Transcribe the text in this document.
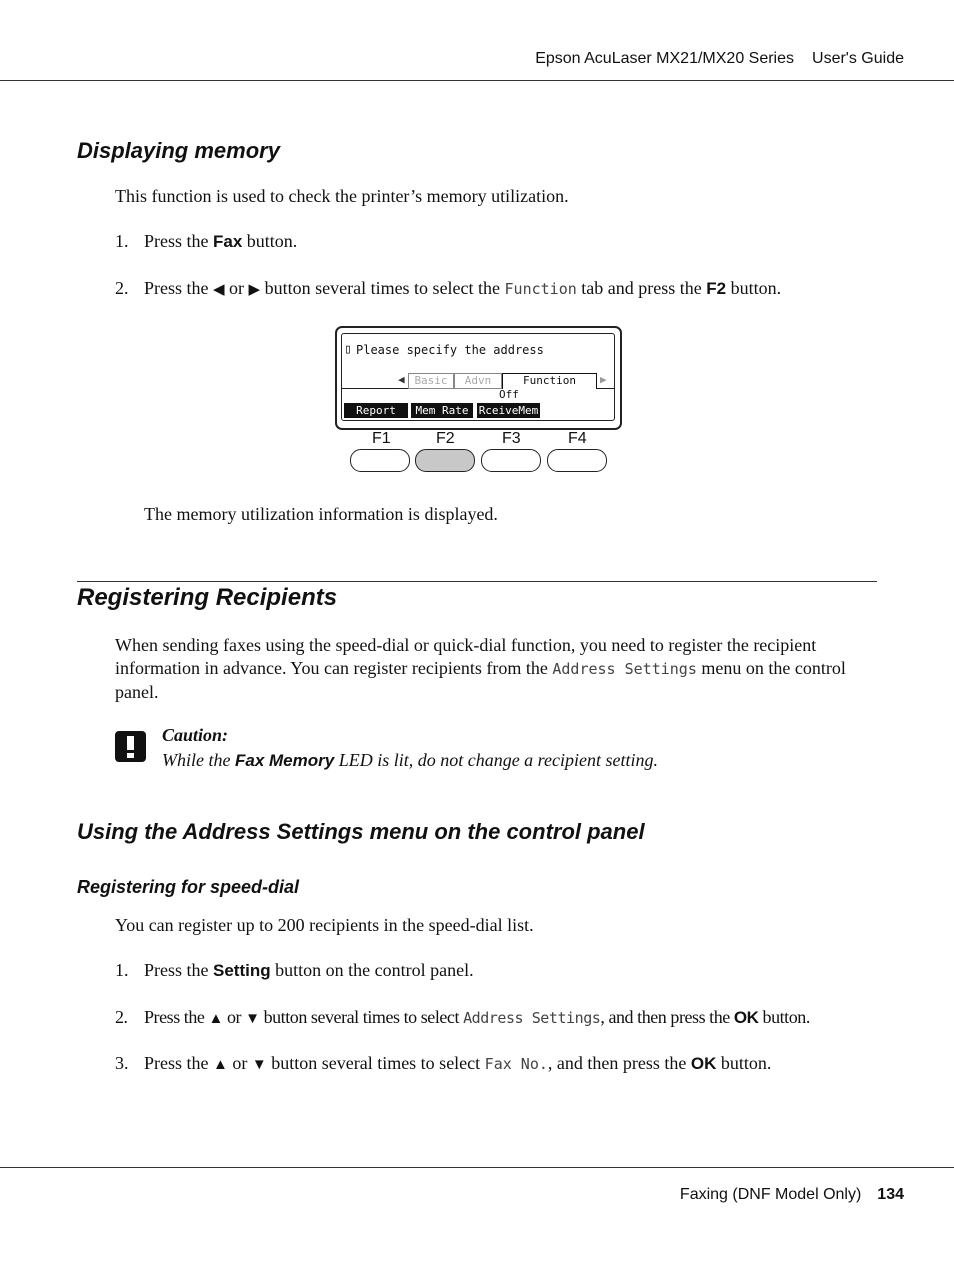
Epson AcuLaser MX21/MX20 Series User's Guide
Displaying memory
This function is used to check the printer’s memory utilization.
1. Press the Fax button.
2. Press the ◀ or ▶ button several times to select the Function tab and press the F2 button.
▯ Please specify the address
◀ Basic	Advn	Function	▶
Off
Report	Mem Rate RceiveMem
F1	F2	F3	F4
The memory utilization information is displayed.
Registering Recipients
When sending faxes using the speed-dial or quick-dial function, you need to register the recipient information in advance. You can register recipients from the Address Settings menu on the control panel.
Caution:
While the Fax Memory LED is lit, do not change a recipient setting.
Using the Address Settings menu on the control panel
Registering for speed-dial
You can register up to 200 recipients in the speed-dial list.
1. Press the Setting button on the control panel.
2. Press the ▲ or ▼ button several times to select Address Settings, and then press the OK button.
3. Press the ▲ or ▼ button several times to select Fax No., and then press the OK button.
Faxing (DNF Model Only) 134
